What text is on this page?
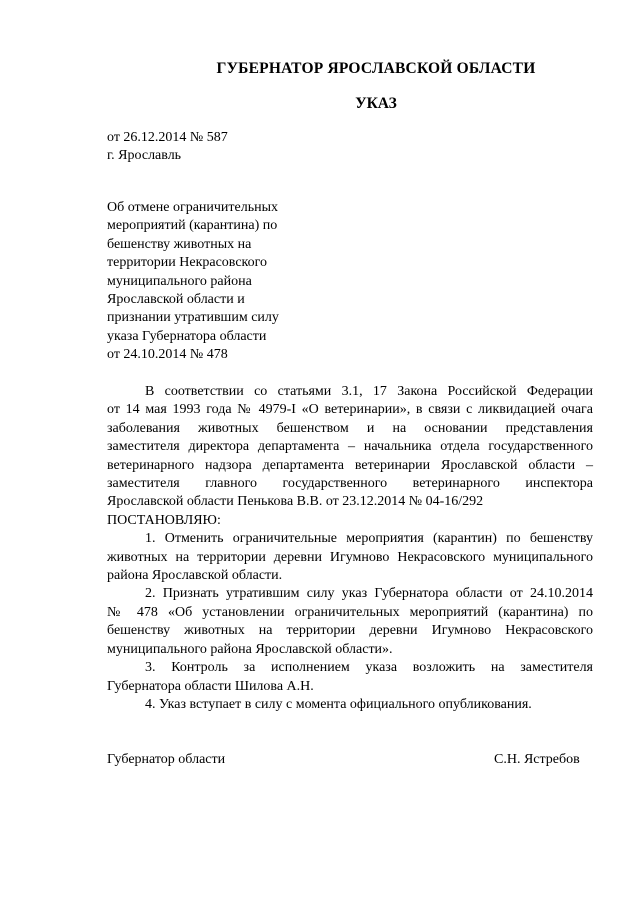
ГУБЕРНАТОР ЯРОСЛАВСКОЙ ОБЛАСТИ
УКАЗ
от 26.12.2014 № 587
г. Ярославль
Об отмене ограничительных
мероприятий (карантина) по
бешенству животных на
территории Некрасовского
муниципального района
Ярославской области и
признании утратившим силу
указа Губернатора области
от 24.10.2014 № 478
В соответствии со статьями 3.1, 17 Закона Российской Федерации
от 14 мая 1993 года № 4979-I «О ветеринарии», в связи с ликвидацией очага
заболевания животных бешенством и на основании представления
заместителя директора департамента – начальника отдела государственного
ветеринарного надзора департамента ветеринарии Ярославской области –
заместителя главного государственного ветеринарного инспектора
Ярославской области Пенькова В.В. от 23.12.2014 № 04-16/292
ПОСТАНОВЛЯЮ:
1. Отменить ограничительные мероприятия (карантин) по бешенству
животных на территории деревни Игумново Некрасовского муниципального
района Ярославской области.
2. Признать утратившим силу указ Губернатора области от 24.10.2014
№ 478 «Об установлении ограничительных мероприятий (карантина) по
бешенству животных на территории деревни Игумново Некрасовского
муниципального района Ярославской области».
3. Контроль за исполнением указа возложить на заместителя
Губернатора области Шилова А.Н.
4. Указ вступает в силу с момента официального опубликования.
Губернатор области	С.Н. Ястребов
